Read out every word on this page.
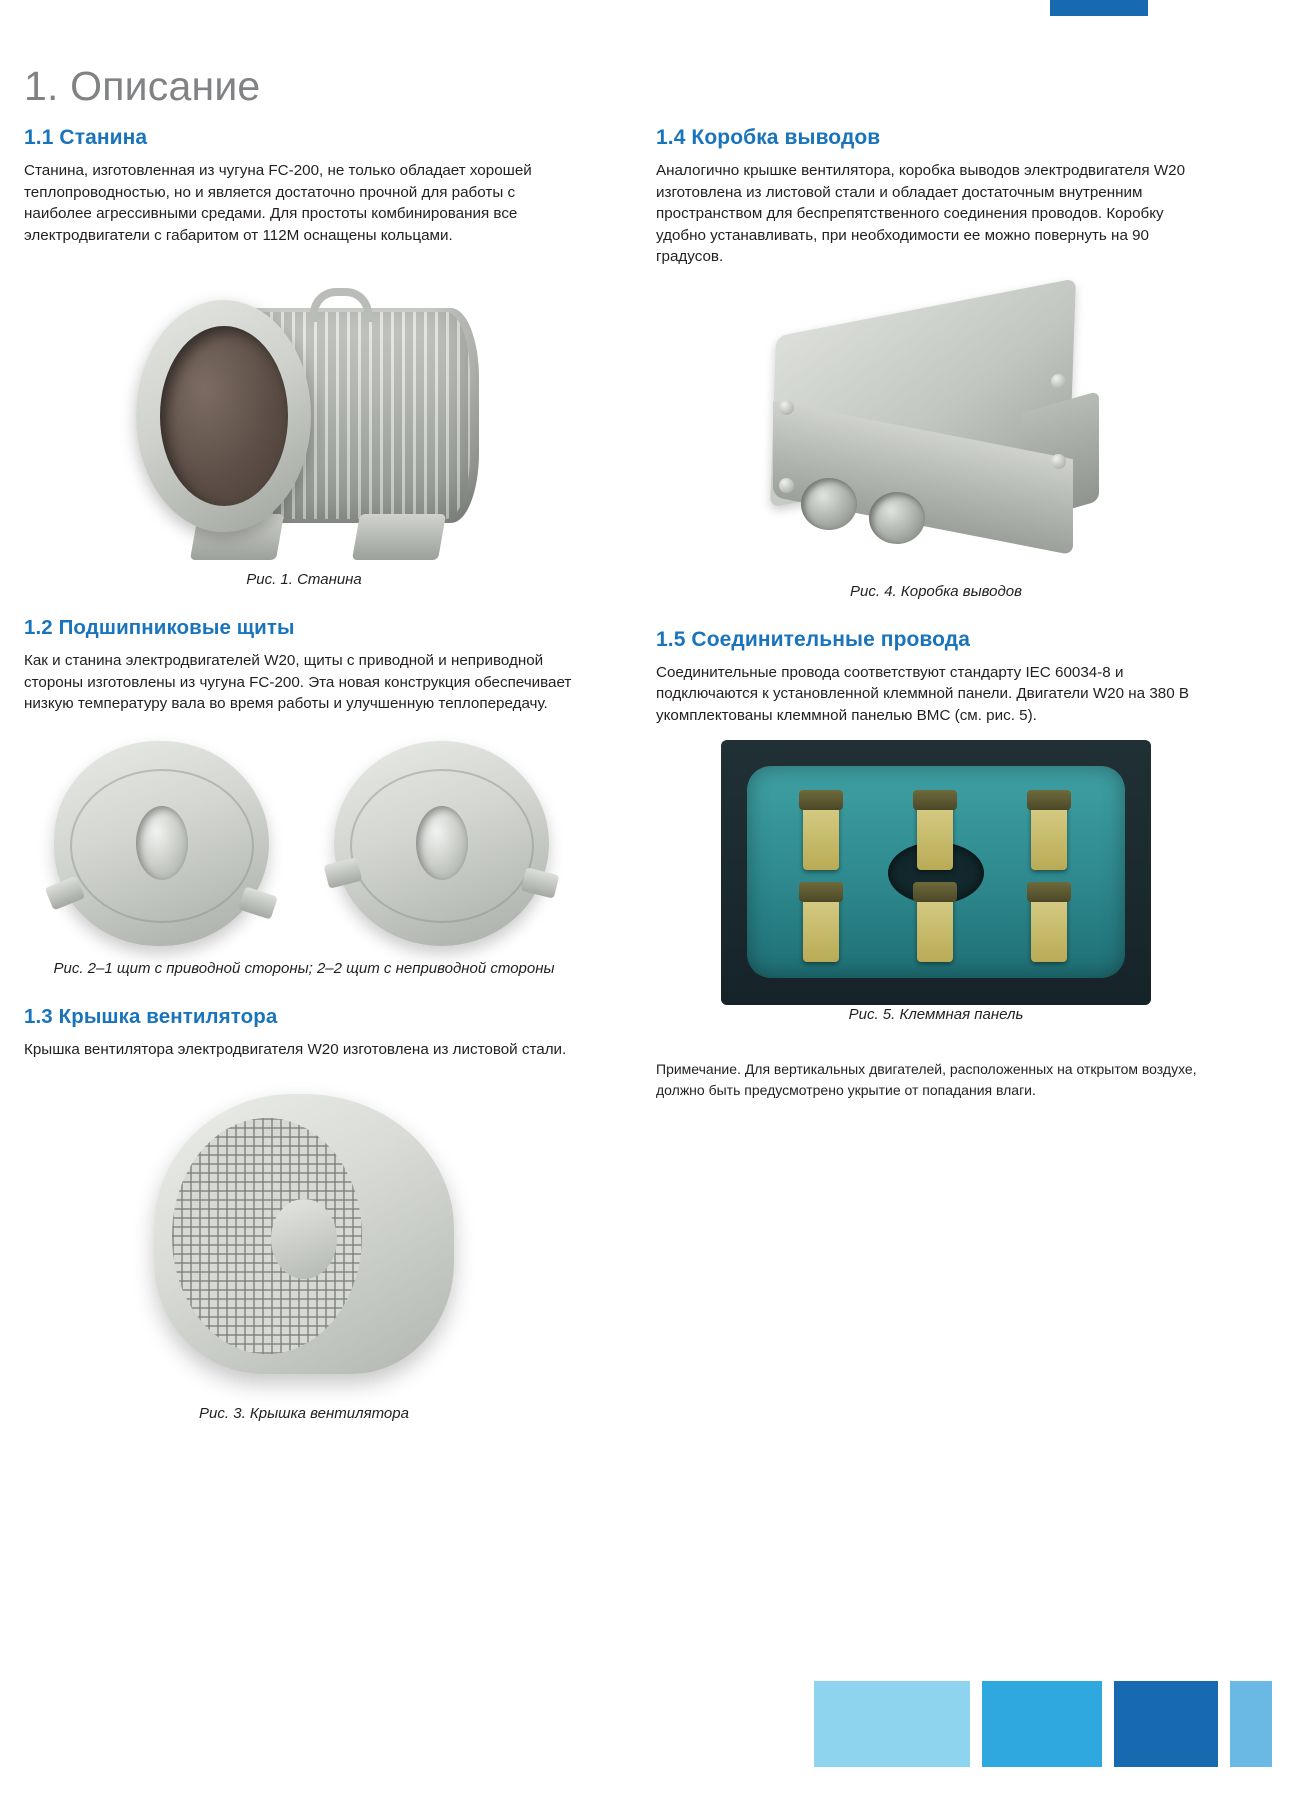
1. Описание
1.1 Станина

Станина, изготовленная из чугуна FC-200, не только обладает хорошей теплопроводностью, но и является достаточно прочной для работы с наиболее агрессивными средами. Для простоты комбинирования все электродвигатели с габаритом от 112M оснащены кольцами.

Рис. 1. Станина
1.2 Подшипниковые щиты

Как и станина электродвигателей W20, щиты с приводной и неприводной стороны изготовлены из чугуна FC-200. Эта новая конструкция обеспечивает низкую температуру вала во время работы и улучшенную теплопередачу.

Рис. 2–1 щит с приводной стороны; 2–2 щит с неприводной стороны
1.3 Крышка вентилятора

Крышка вентилятора электродвигателя W20 изготовлена из листовой стали.

Рис. 3. Крышка вентилятора
1.4 Коробка выводов

Аналогично крышке вентилятора, коробка выводов электродвигателя W20 изготовлена из листовой стали и обладает достаточным внутренним пространством для беспрепятственного соединения проводов. Коробку удобно устанавливать, при необходимости ее можно повернуть на 90 градусов.

Рис. 4. Коробка выводов
1.5 Соединительные провода

Соединительные провода соответствуют стандарту IEC 60034-8 и подключаются к установленной клеммной панели. Двигатели W20 на 380 В укомплектованы клеммной панелью BMC (см. рис. 5).

Рис. 5. Клеммная панель

Примечание. Для вертикальных двигателей, расположенных на открытом воздухе, должно быть предусмотрено укрытие от попадания влаги.
